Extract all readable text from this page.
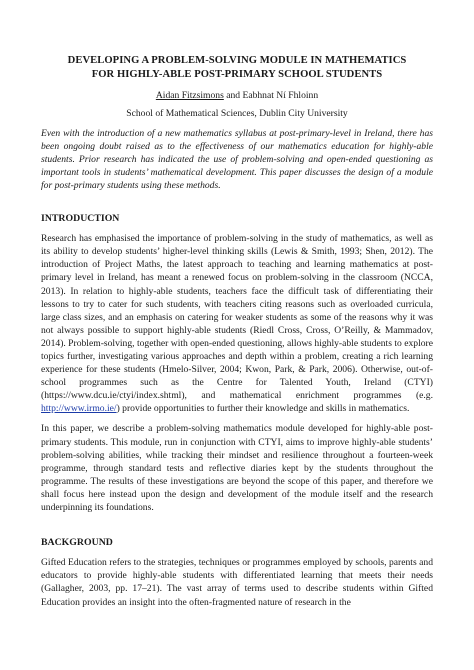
DEVELOPING A PROBLEM-SOLVING MODULE IN MATHEMATICS
FOR HIGHLY-ABLE POST-PRIMARY SCHOOL STUDENTS

Aidan Fitzsimons and Eabhnat Ní Fhloinn

School of Mathematical Sciences, Dublin City University

Even with the introduction of a new mathematics syllabus at post-primary-level in Ireland, there has been ongoing doubt raised as to the effectiveness of our mathematics education for highly-able students. Prior research has indicated the use of problem-solving and open-ended questioning as important tools in students’ mathematical development. This paper discusses the design of a module for post-primary students using these methods.

INTRODUCTION

Research has emphasised the importance of problem-solving in the study of mathematics, as well as its ability to develop students’ higher-level thinking skills (Lewis & Smith, 1993; Shen, 2012). The introduction of Project Maths, the latest approach to teaching and learning mathematics at post-primary level in Ireland, has meant a renewed focus on problem-solving in the classroom (NCCA, 2013). In relation to highly-able students, teachers face the difficult task of differentiating their lessons to try to cater for such students, with teachers citing reasons such as overloaded curricula, large class sizes, and an emphasis on catering for weaker students as some of the reasons why it was not always possible to support highly-able students (Riedl Cross, Cross, O’Reilly, & Mammadov, 2014). Problem-solving, together with open-ended questioning, allows highly-able students to explore topics further, investigating various approaches and depth within a problem, creating a rich learning experience for these students (Hmelo-Silver, 2004; Kwon, Park, & Park, 2006). Otherwise, out-of-school programmes such as the Centre for Talented Youth, Ireland (CTYI) (https://www.dcu.ie/ctyi/index.shtml), and mathematical enrichment programmes (e.g. http://www.irmo.ie/) provide opportunities to further their knowledge and skills in mathematics.

In this paper, we describe a problem-solving mathematics module developed for highly-able post-primary students. This module, run in conjunction with CTYI, aims to improve highly-able students’ problem-solving abilities, while tracking their mindset and resilience throughout a fourteen-week programme, through standard tests and reflective diaries kept by the students throughout the programme. The results of these investigations are beyond the scope of this paper, and therefore we shall focus here instead upon the design and development of the module itself and the research underpinning its foundations.

BACKGROUND

Gifted Education refers to the strategies, techniques or programmes employed by schools, parents and educators to provide highly-able students with differentiated learning that meets their needs (Gallagher, 2003, pp. 17–21). The vast array of terms used to describe students within Gifted Education provides an insight into the often-fragmented nature of research in the
